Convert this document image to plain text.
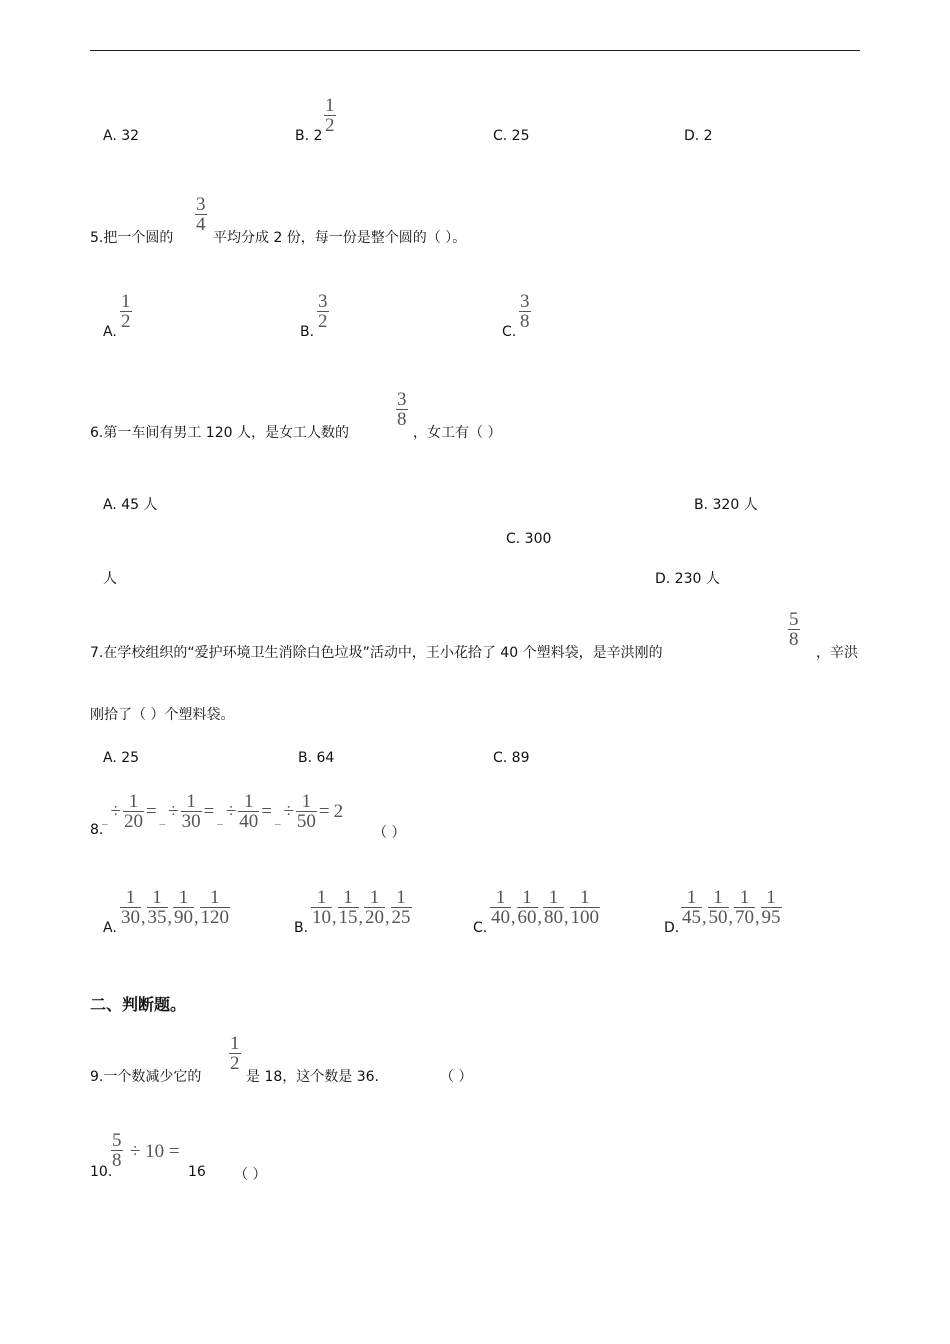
A. 32	B. 2
1
2	C. 25	D. 2
5.把一个圆的
3
4
平均分成 2 份，每一份是整个圆的（ ）。
A.
1
2	B.
3
2	C.
3
8
6.第一车间有男工 120 人，是女工人数的
3
8
，女工有（ ）
A. 45 人	B. 320 人
C. 300
人	D. 230 人
7.在学校组织的“爱护环境卫生消除白色垃圾”活动中，王小花拾了 40 个塑料袋，是辛洪刚的
5
8
，辛洪
刚拾了（ ）个塑料袋。
A. 25	B. 64	C. 89
8.
_ ÷ 1
20 = _ ÷ 1
30 = _ ÷ 1
40 = _ ÷ 1
50 = 2
（ ）
A.
1
30 ,
1
35 ,
1
90 ,
1
120	B.
1
10 ,
1
15 ,
1
20 ,
1
25	C.
1
40 ,
1
60 ,
1
80 ,
1
100	D.
1
45 ,
1
50 ,
1
70 ,
1
95
二、判断题。
9.一个数减少它的
1
2
是 18，这个数是 36.	（ ）
10.
5
8 ÷ 10 =
16 （ ）
